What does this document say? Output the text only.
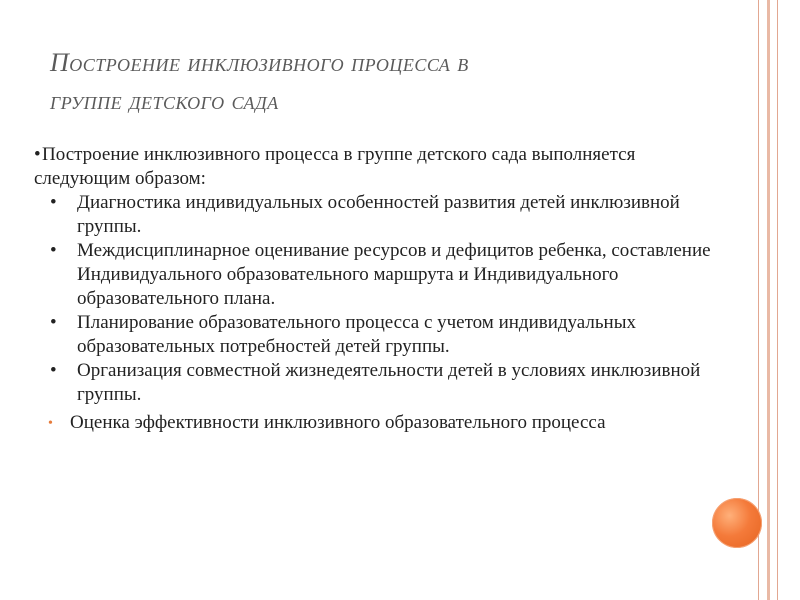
Построение инклюзивного процесса в
группе детского сада

•Построение инклюзивного процесса в группе детского сада выполняется следующим образом:

• Диагностика индивидуальных особенностей развития детей инклюзивной группы.
• Междисциплинарное оценивание ресурсов и дефицитов ребенка, составление Индивидуального образовательного маршрута и Индивидуального образовательного плана.
• Планирование образовательного процесса с учетом индивидуальных образовательных потребностей детей группы.
• Организация совместной жизнедеятельности детей в условиях инклюзивной группы.

• Оценка эффективности инклюзивного образовательного процесса
